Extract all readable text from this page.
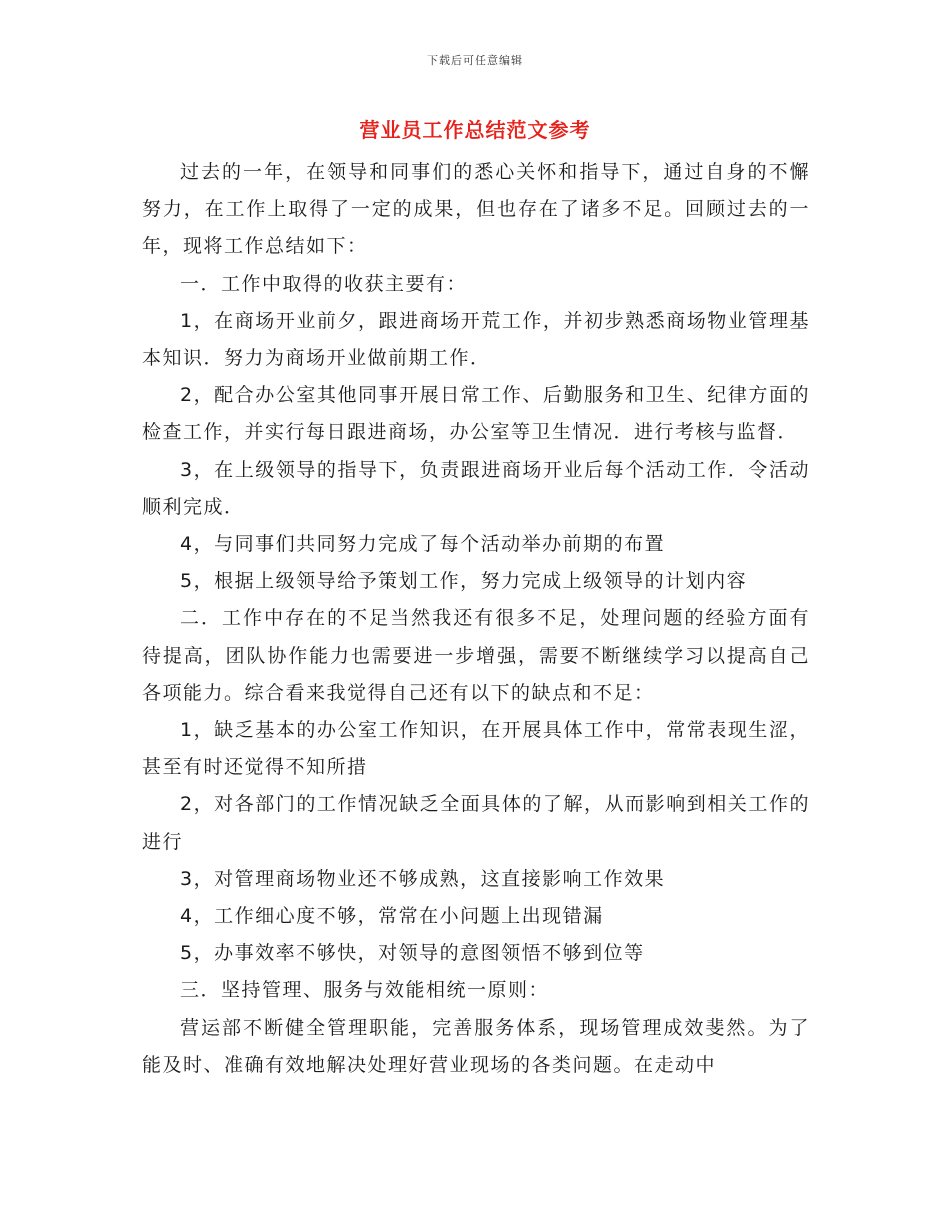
下载后可任意编辑
营业员工作总结范文参考

过去的一年，在领导和同事们的悉心关怀和指导下，通过自身的不懈努力，在工作上取得了一定的成果，但也存在了诸多不足。回顾过去的一年，现将工作总结如下：

一．工作中取得的收获主要有：

1，在商场开业前夕，跟进商场开荒工作，并初步熟悉商场物业管理基本知识．努力为商场开业做前期工作．

2，配合办公室其他同事开展日常工作、后勤服务和卫生、纪律方面的检查工作，并实行每日跟进商场，办公室等卫生情况．进行考核与监督．

3，在上级领导的指导下，负责跟进商场开业后每个活动工作．令活动顺利完成．

4，与同事们共同努力完成了每个活动举办前期的布置

5，根据上级领导给予策划工作，努力完成上级领导的计划内容

二．工作中存在的不足当然我还有很多不足，处理问题的经验方面有待提高，团队协作能力也需要进一步增强，需要不断继续学习以提高自己各项能力。综合看来我觉得自己还有以下的缺点和不足：

1，缺乏基本的办公室工作知识，在开展具体工作中，常常表现生涩，甚至有时还觉得不知所措

2，对各部门的工作情况缺乏全面具体的了解，从而影响到相关工作的进行

3，对管理商场物业还不够成熟，这直接影响工作效果

4，工作细心度不够，常常在小问题上出现错漏

5，办事效率不够快，对领导的意图领悟不够到位等

三．坚持管理、服务与效能相统一原则：

营运部不断健全管理职能，完善服务体系，现场管理成效斐然。为了能及时、准确有效地解决处理好营业现场的各类问题。在走动中
